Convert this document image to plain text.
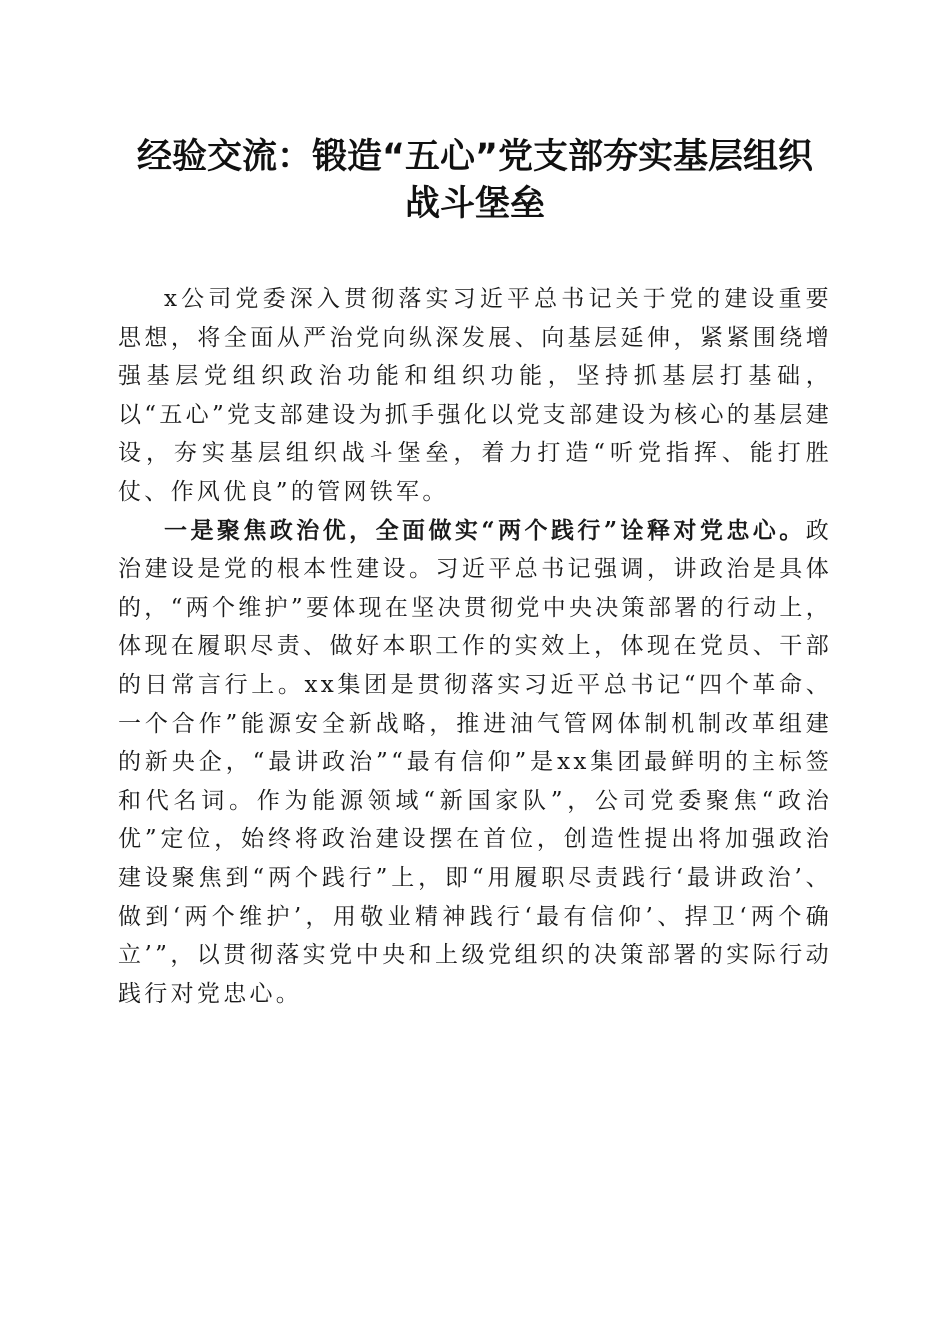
经验交流：锻造“五心”党支部夯实基层组织
战斗堡垒

x公司党委深入贯彻落实习近平总书记关于党的建设重要思想，将全面从严治党向纵深发展、向基层延伸，紧紧围绕增强基层党组织政治功能和组织功能，坚持抓基层打基础，以“五心”党支部建设为抓手强化以党支部建设为核心的基层建设，夯实基层组织战斗堡垒，着力打造“听党指挥、能打胜仗、作风优良”的管网铁军。

一是聚焦政治优，全面做实“两个践行”诠释对党忠心。政治建设是党的根本性建设。习近平总书记强调，讲政治是具体的，“两个维护”要体现在坚决贯彻党中央决策部署的行动上，体现在履职尽责、做好本职工作的实效上，体现在党员、干部的日常言行上。xx集团是贯彻落实习近平总书记“四个革命、一个合作”能源安全新战略，推进油气管网体制机制改革组建的新央企，“最讲政治”“最有信仰”是xx集团最鲜明的主标签和代名词。作为能源领域“新国家队”，公司党委聚焦“政治优”定位，始终将政治建设摆在首位，创造性提出将加强政治建设聚焦到“两个践行”上，即“用履职尽责践行‘最讲政治’、做到‘两个维护’，用敬业精神践行‘最有信仰’、捍卫‘两个确立’”，以贯彻落实党中央和上级党组织的决策部署的实际行动践行对党忠心。
